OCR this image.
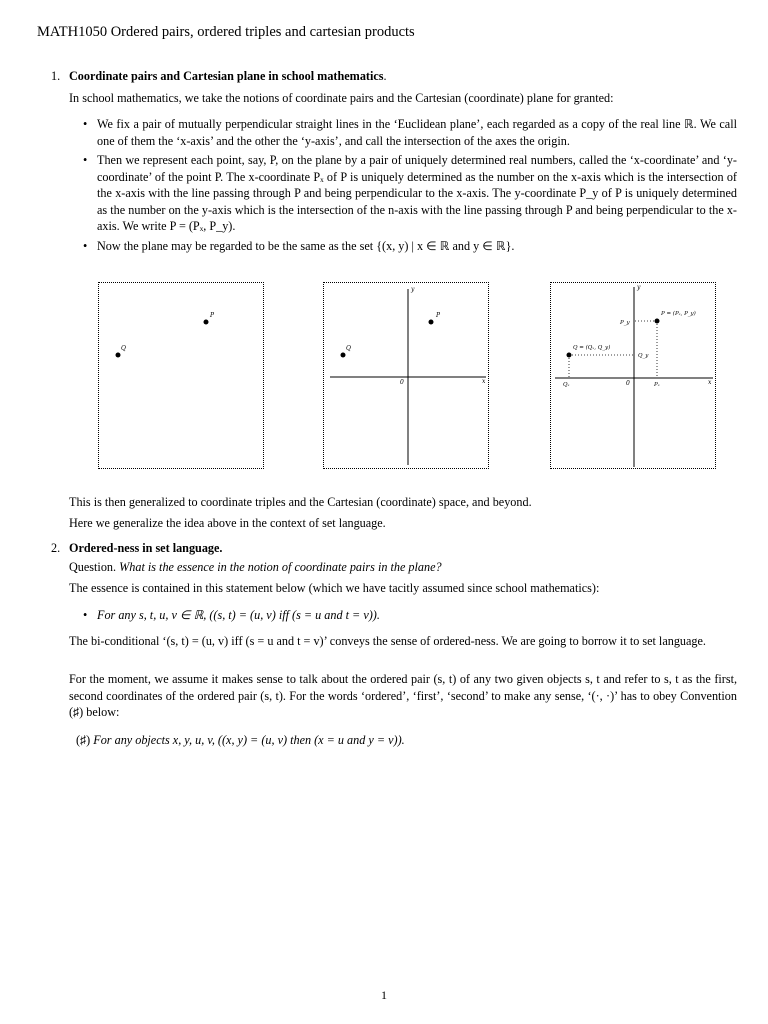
MATH1050 Ordered pairs, ordered triples and cartesian products
1. Coordinate pairs and Cartesian plane in school mathematics.
In school mathematics, we take the notions of coordinate pairs and the Cartesian (coordinate) plane for granted:
• We fix a pair of mutually perpendicular straight lines in the ‘Euclidean plane’, each regarded as a copy of the real line ℝ. We call one of them the ‘x-axis’ and the other the ‘y-axis’, and call the intersection of the axes the origin.
• Then we represent each point, say, P, on the plane by a pair of uniquely determined real numbers, called the ‘x-coordinate’ and ‘y-coordinate’ of the point P. The x-coordinate Pₓ of P is uniquely determined as the number on the x-axis which is the intersection of the x-axis with the line passing through P and being perpendicular to the x-axis. The y-coordinate P_y of P is uniquely determined as the number on the y-axis which is the intersection of the n-axis with the line passing through P and being perpendicular to the x-axis. We write P = (Pₓ, P_y).
• Now the plane may be regarded to be the same as the set {(x, y) | x ∈ ℝ and y ∈ ℝ}.
P
Q
y
x
0
P
Q
y
x
0
P = (Pₓ, P_y)
P_y
Pₓ
Q = (Qₓ, Q_y)
Q_y
Qₓ
This is then generalized to coordinate triples and the Cartesian (coordinate) space, and beyond.
Here we generalize the idea above in the context of set language.
2. Ordered-ness in set language.
Question. What is the essence in the notion of coordinate pairs in the plane?
The essence is contained in this statement below (which we have tacitly assumed since school mathematics):
• For any s, t, u, v ∈ ℝ, ((s, t) = (u, v) iff (s = u and t = v)).
The bi-conditional ‘(s, t) = (u, v) iff (s = u and t = v)’ conveys the sense of ordered-ness. We are going to borrow it to set language.
For the moment, we assume it makes sense to talk about the ordered pair (s, t) of any two given objects s, t and refer to s, t as the first, second coordinates of the ordered pair (s, t). For the words ‘ordered’, ‘first’, ‘second’ to make any sense, ‘(·, ·)’ has to obey Convention (♯) below:
(♯) For any objects x, y, u, v, ((x, y) = (u, v) then (x = u and y = v)).
1
